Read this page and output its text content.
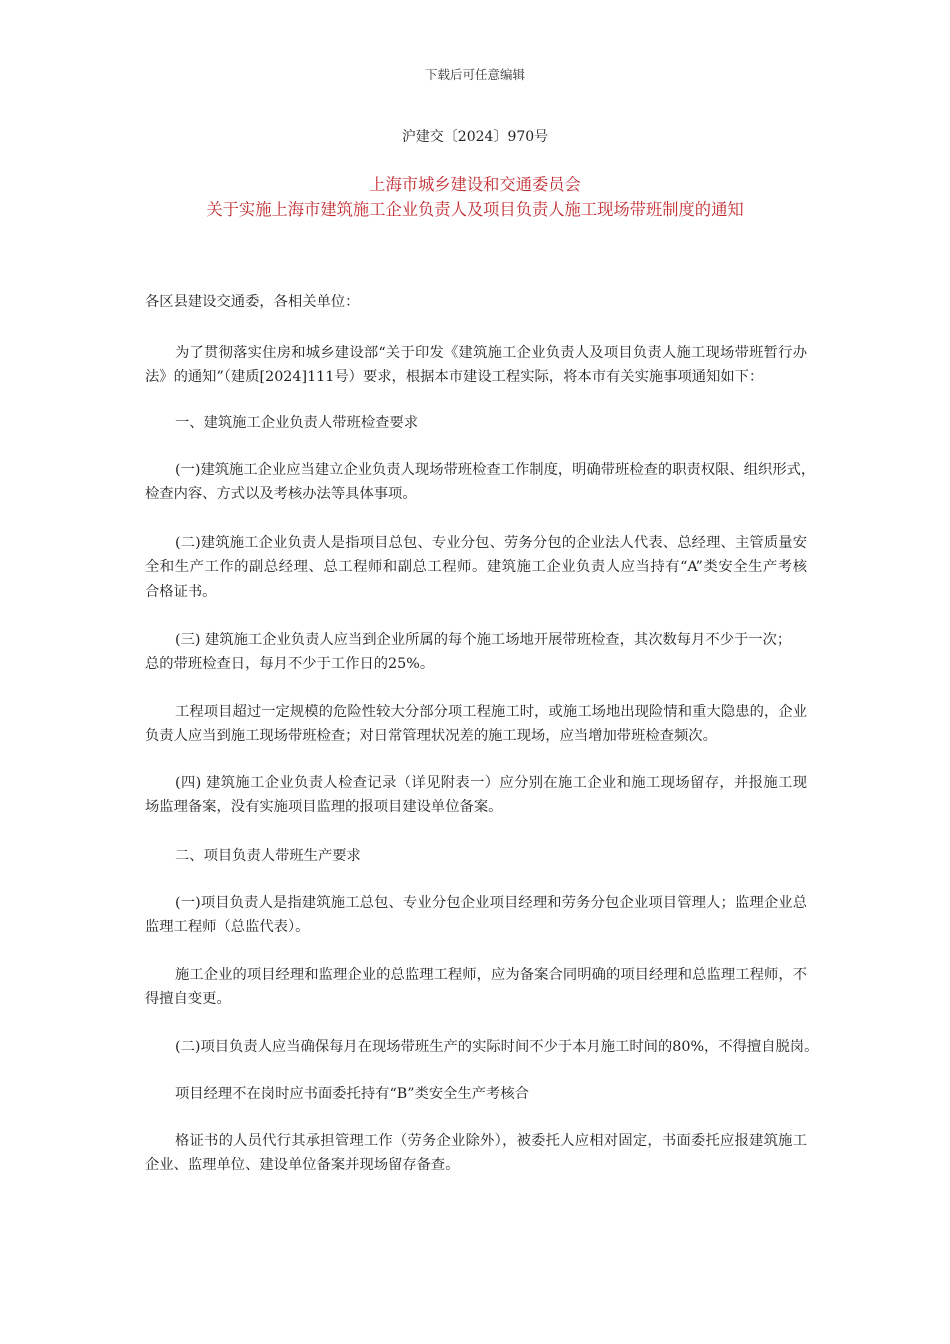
下载后可任意编辑
沪建交〔2024〕970号
上海市城乡建设和交通委员会
关于实施上海市建筑施工企业负责人及项目负责人施工现场带班制度的通知
各区县建设交通委，各相关单位：
为了贯彻落实住房和城乡建设部“关于印发《建筑施工企业负责人及项目负责人施工现场带班暂行办
法》的通知”（建质[2024]111号）要求，根据本市建设工程实际，将本市有关实施事项通知如下：
一、建筑施工企业负责人带班检查要求
(一)建筑施工企业应当建立企业负责人现场带班检查工作制度，明确带班检查的职责权限、组织形式，
检查内容、方式以及考核办法等具体事项。
(二)建筑施工企业负责人是指项目总包、专业分包、劳务分包的企业法人代表、总经理、主管质量安
全和生产工作的副总经理、总工程师和副总工程师。建筑施工企业负责人应当持有“A”类安全生产考核
合格证书。
(三) 建筑施工企业负责人应当到企业所属的每个施工场地开展带班检查，其次数每月不少于一次；
总的带班检查日，每月不少于工作日的25%。
工程项目超过一定规模的危险性较大分部分项工程施工时，或施工场地出现险情和重大隐患的，企业
负责人应当到施工现场带班检查；对日常管理状况差的施工现场，应当增加带班检查频次。
(四) 建筑施工企业负责人检查记录（详见附表一）应分别在施工企业和施工现场留存，并报施工现
场监理备案，没有实施项目监理的报项目建设单位备案。
二、项目负责人带班生产要求
(一)项目负责人是指建筑施工总包、专业分包企业项目经理和劳务分包企业项目管理人；监理企业总
监理工程师（总监代表）。
施工企业的项目经理和监理企业的总监理工程师，应为备案合同明确的项目经理和总监理工程师，不
得擅自变更。
(二)项目负责人应当确保每月在现场带班生产的实际时间不少于本月施工时间的80%，不得擅自脱岗。
项目经理不在岗时应书面委托持有“B”类安全生产考核合
格证书的人员代行其承担管理工作（劳务企业除外），被委托人应相对固定，书面委托应报建筑施工
企业、监理单位、建设单位备案并现场留存备查。
